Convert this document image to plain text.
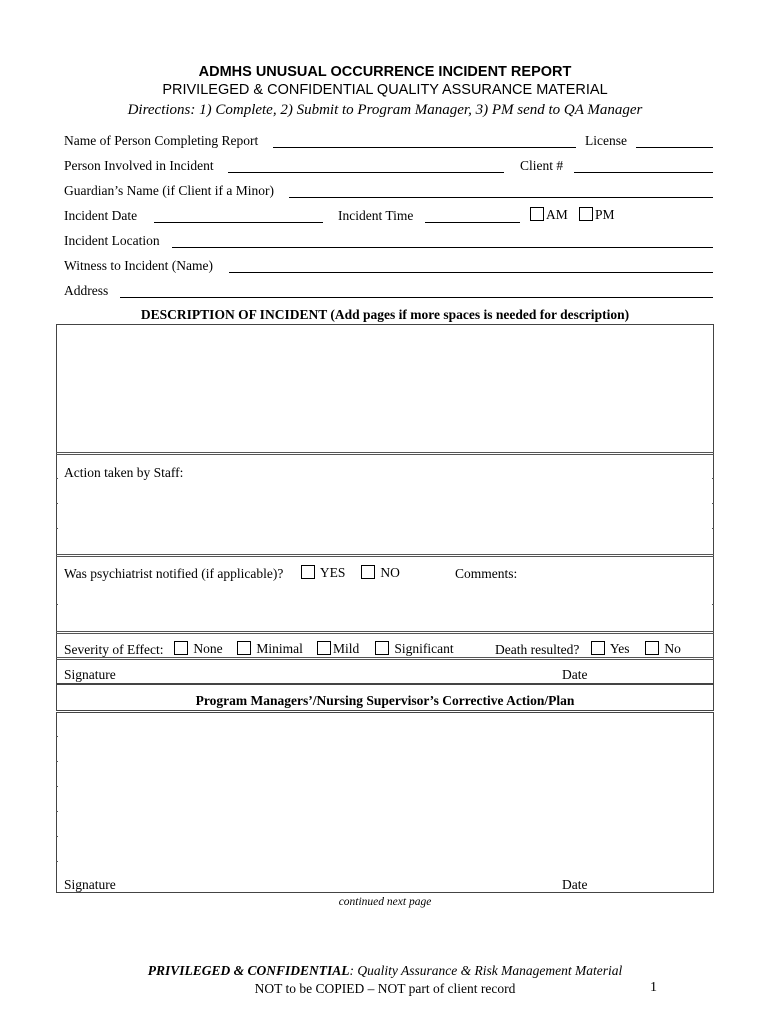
ADMHS UNUSUAL OCCURRENCE INCIDENT REPORT
PRIVILEGED & CONFIDENTIAL QUALITY ASSURANCE MATERIAL
Directions: 1) Complete, 2) Submit to Program Manager, 3) PM send to QA Manager
Name of Person Completing Report	License
Person Involved in Incident	Client #
Guardian’s Name (if Client if a Minor)
Incident Date	Incident Time	AM	PM
Incident Location
Witness to Incident (Name)
Address
DESCRIPTION OF INCIDENT (Add pages if more spaces is needed for description)
Action taken by Staff:
Was psychiatrist notified (if applicable)?	YES	NO	Comments:
Severity of Effect:	None	Minimal	Mild	Significant	Death resulted?	Yes	No
Signature	Date
Program Managers’/Nursing Supervisor’s Corrective Action/Plan
Signature	Date
continued next page
PRIVILEGED & CONFIDENTIAL: Quality Assurance & Risk Management Material
NOT to be COPIED – NOT part of client record	1
